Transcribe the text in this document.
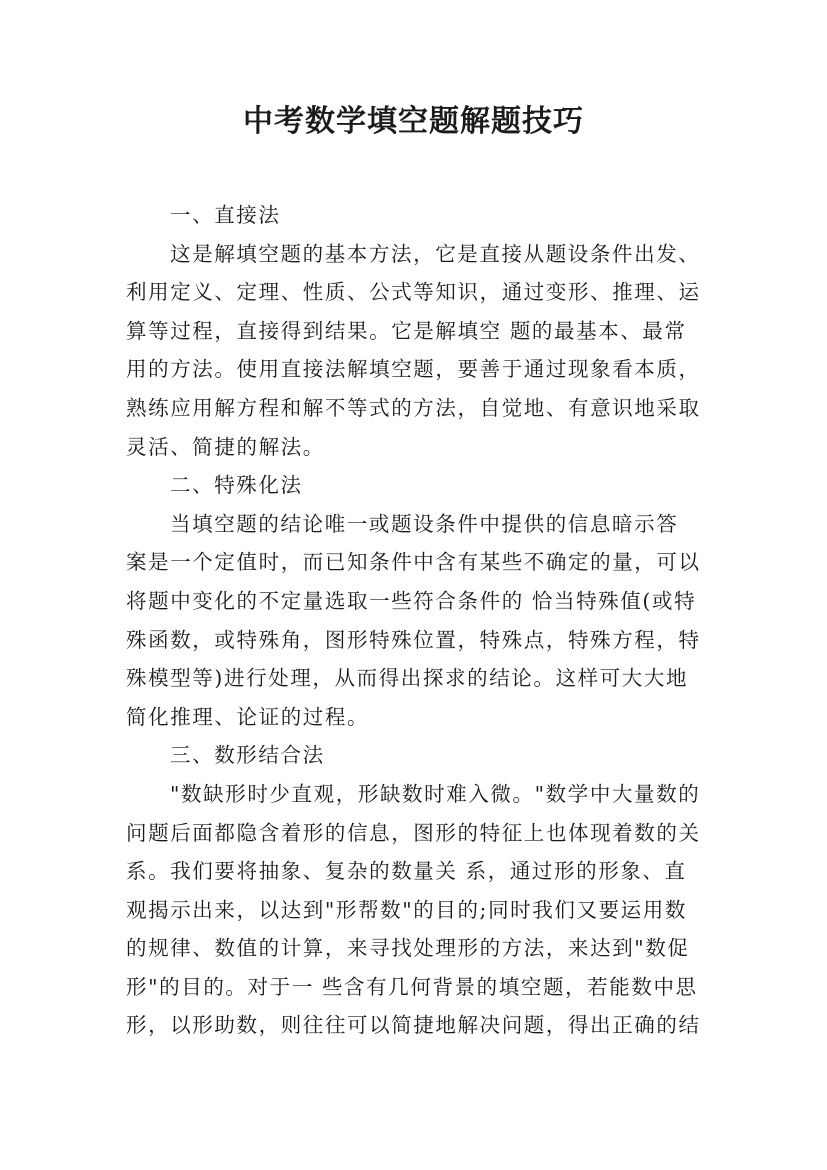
中考数学填空题解题技巧
一、直接法
这是解填空题的基本方法，它是直接从题设条件出发、
利用定义、定理、性质、公式等知识，通过变形、推理、运
算等过程，直接得到结果。它是解填空 题的最基本、最常
用的方法。使用直接法解填空题，要善于通过现象看本质，
熟练应用解方程和解不等式的方法，自觉地、有意识地采取
灵活、简捷的解法。
二、特殊化法
当填空题的结论唯一或题设条件中提供的信息暗示答
案是一个定值时，而已知条件中含有某些不确定的量，可以
将题中变化的不定量选取一些符合条件的 恰当特殊值(或特
殊函数，或特殊角，图形特殊位置，特殊点，特殊方程，特
殊模型等)进行处理，从而得出探求的结论。这样可大大地
简化推理、论证的过程。
三、数形结合法
"数缺形时少直观，形缺数时难入微。"数学中大量数的
问题后面都隐含着形的信息，图形的特征上也体现着数的关
系。我们要将抽象、复杂的数量关 系，通过形的形象、直
观揭示出来，以达到"形帮数"的目的;同时我们又要运用数
的规律、数值的计算，来寻找处理形的方法，来达到"数促
形"的目的。对于一 些含有几何背景的填空题，若能数中思
形，以形助数，则往往可以简捷地解决问题，得出正确的结
